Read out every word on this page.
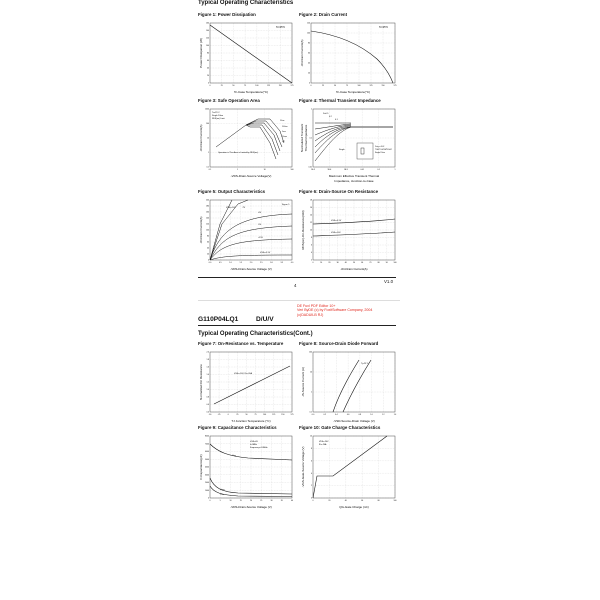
Typical Operating Characteristics
Figure 1: Power Dissipation
0	25	50	75	100	125	150	175
0
20
40
60
80
100
120
140
160
Tc=25°C
Tc-Case Temperature(°C)
Power Dissipation (W)
Figure 2: Drain Current
0	25	50	75	100	125	150	175
0
20
40
60
80
100
120
Tc=25°C
Tc-Case Temperature(°C)
-ID-Drain Current(A)
Figure 3: Safe Operation Area
0.1	1	10	100
0.1
1
10
100
1000
10us
100us
1ms
10ms
DC
Tc=25°C
Single Pulse
RDS(on) Limit
Operation in This Area is Limited by RDS(on)
-VDS-Drain-Source Voltage(V)
-ID-Drain Current(A)
Figure 4: Thermal Transient Impedance
1E-5	1E-4	1E-3	0.01	0.1	1
0.01
0.1
1
D=0.5
0.2
0.1
Single
Duty = t1/t2
TJM-TC=PDM*ZthJC
Single Pulse
Maximum Effective Transient Thermal
Impedance, Junction-to-Case
Normalized Transient Thermal Impedance
Figure 5: Output Characteristics
0.0	0.5	1.0	1.5	2.0	2.5	3.0	3.5	4.0
0
20
40
60
80
100
120
140
160
180
200
VGS=-10V	-7V
-6V
-5V
-4.5V
VGS=-3.5V
Figure 5
-VDS-Drain-Source Voltage (V)
-ID-Drain Current(A)
Figure 6: Drain-Source On Resistance
0	10	20	30	40	50	60	70	80	90	100
2
4
6
8
10
12
14
16
18
VGS=-4.5V
VGS=-10V
-ID-Drain Current(A)
RDS(on)-On-Resistance(mΩ)
4
V1.0
DE Fuxl PDF Editor 10+
Veri ByDE (c) by FoxitSoftware Company, 2004
(c)DADUILB RJ)
G110P04LQ1	D/U/V
Typical Operating Characteristics(Cont.)
Figure 7: On-Resistance vs. Temperature
-50	-25	0	25	50	75	100	125	150	175
0.4
0.6
0.8
1.0
1.2
1.4
1.6
1.8
2.0
VGS=-10V, ID=-20A
TJ Junction Temperature (°C)
Normalized On Resistance
Figure 8: Source-Drain Diode Forward
0.0	0.2	0.4	0.6	0.8	1.0	1.2	1.4
0.1
1
10
100
Tj=25°C
-VSD-Source-Drain Voltage (V)
-IS-Source Current (A)
Figure 9: Capacitance Characteristics
0	5	10	15	20	25	30	35	40
0
1000
2000
3000
4000
5000
6000
7000
8000
Ciss
Coss
Crss
VGS=0V
f=1MHz
Frequency=1.0MHz
-VDS-Drain-Source Voltage (V)
C-Capacitance(pF)
Figure 10: Gate Charge Characteristics
0	20	40	60	80	100
0
2
4
6
8
10
VDS=-20V
ID=-20A
QG-Gate Charge (nC)
-VGS-Gate-Source Voltage (V)
